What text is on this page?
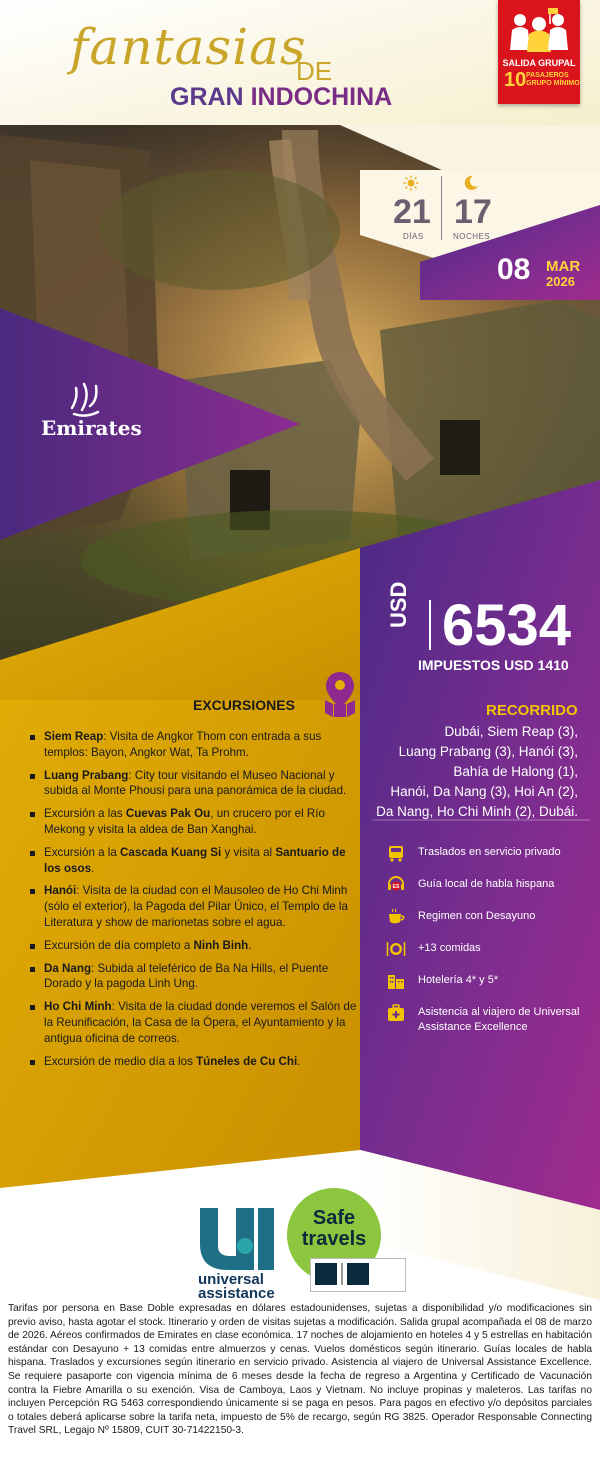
fantasias
DE
GRAN INDOCHINA
SALIDA GRUPAL
10 PASAJEROS
GRUPO MÍNIMO
21
DÍAS
17
NOCHES
08 MAR
2026
Emirates
USD 6534
IMPUESTOS USD 1410
RECORRIDO
Dubái, Siem Reap (3),
Luang Prabang (3), Hanói (3),
Bahía de Halong (1),
Hanói, Da Nang (3), Hoi An (2),
Da Nang, Ho Chi Minh (2), Dubái.
Traslados en servicio privado
ES Guía local de habla hispana
Regimen con Desayuno
+13 comidas
Hotelería 4* y 5*
Asistencia al viajero de Universal Assistance Excellence
EXCURSIONES
Siem Reap: Visita de Angkor Thom con entrada a sus templos: Bayon, Angkor Wat, Ta Prohm.
Luang Prabang: City tour visitando el Museo Nacional y subida al Monte Phousi para una panorámica de la ciudad.
Excursión a las Cuevas Pak Ou, un crucero por el Río Mekong y visita la aldea de Ban Xanghai.
Excursión a la Cascada Kuang Si y visita al Santuario de los osos.
Hanói: Visita de la ciudad con el Mausoleo de Ho Chi Minh (sólo el exterior), la Pagoda del Pilar Único, el Templo de la Literatura y show de marionetas sobre el agua.
Excursión de día completo a Ninh Binh.
Da Nang: Subida al teleférico de Ba Na Hills, el Puente Dorado y la pagoda Linh Ung.
Ho Chi Minh: Visita de la ciudad donde veremos el Salón de la Reunificación, la Casa de la Ópera, el Ayuntamiento y la antigua oficina de correos.
Excursión de medio día a los Túneles de Cu Chi.
universal
assistance
Safe
travels
Tarifas por persona en Base Doble expresadas en dólares estadounidenses, sujetas a disponibilidad y/o modificaciones sin previo aviso, hasta agotar el stock. Itinerario y orden de visitas sujetas a modificación. Salida grupal acompañada el 08 de marzo de 2026. Aéreos confirmados de Emirates en clase económica. 17 noches de alojamiento en hoteles 4 y 5 estrellas en habitación estándar con Desayuno + 13 comidas entre almuerzos y cenas. Vuelos domésticos según itinerario. Guías locales de habla hispana. Traslados y excursiones según itinerario en servicio privado. Asistencia al viajero de Universal Assistance Excellence. Se requiere pasaporte con vigencia mínima de 6 meses desde la fecha de regreso a Argentina y Certificado de Vacunación contra la Fiebre Amarilla o su exención. Visa de Camboya, Laos y Vietnam. No incluye propinas y maleteros. Las tarifas no incluyen Percepción RG 5463 correspondiendo únicamente si se paga en pesos. Para pagos en efectivo y/o depósitos parciales o totales deberá aplicarse sobre la tarifa neta, impuesto de 5% de recargo, según RG 3825. Operador Responsable Connecting Travel SRL, Legajo Nº 15809, CUIT 30-71422150-3.
